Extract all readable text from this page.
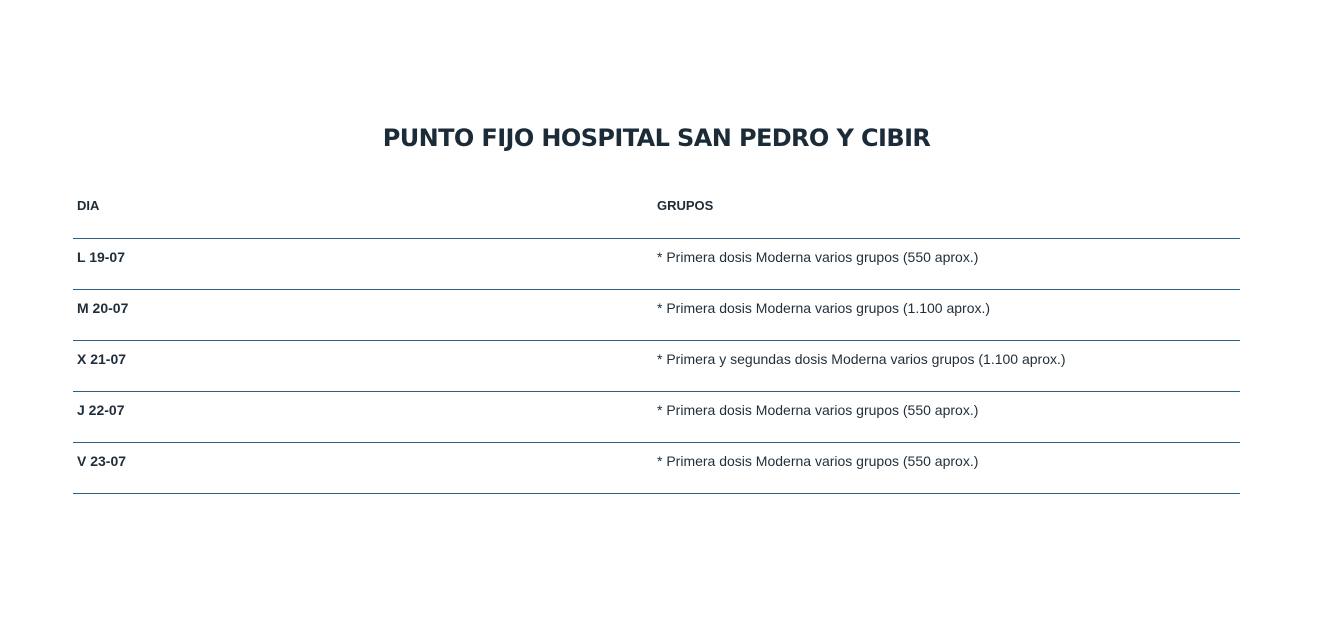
PUNTO FIJO HOSPITAL SAN PEDRO Y CIBIR
DIA	GRUPOS
L 19-07	* Primera dosis Moderna varios grupos (550 aprox.)
M 20-07	* Primera dosis Moderna varios grupos (1.100 aprox.)
X 21-07	* Primera y segundas dosis Moderna varios grupos (1.100 aprox.)
J 22-07	* Primera dosis Moderna varios grupos (550 aprox.)
V 23-07	* Primera dosis Moderna varios grupos (550 aprox.)
